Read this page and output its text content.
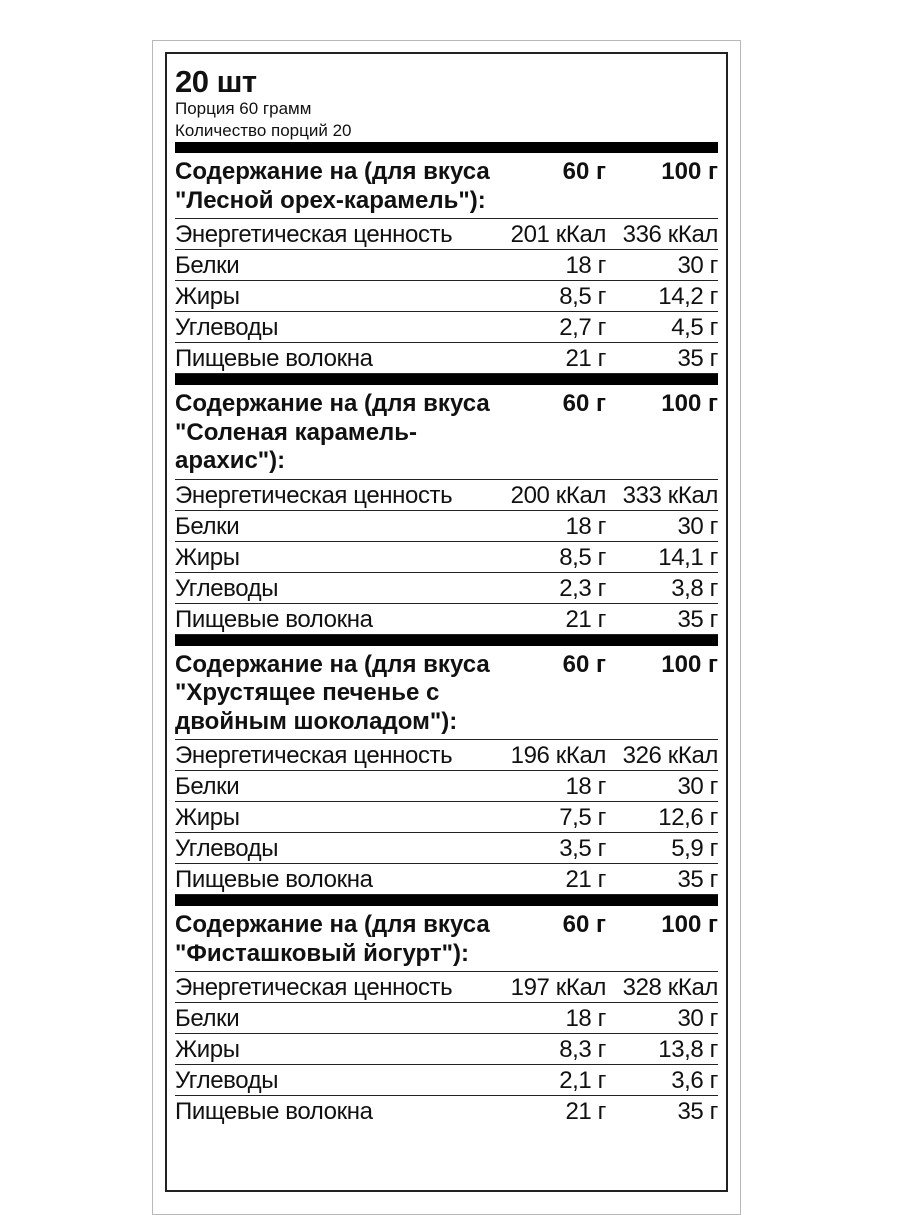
20 шт
Порция 60 грамм
Количество порций 20
Содержание на (для вкуса "Лесной орех-карамель"):
60 г	100 г
Энергетическая ценность	201 кКал 336 кКал
Белки	18 г	30 г
Жиры	8,5 г	14,2 г
Углеводы	2,7 г	4,5 г
Пищевые волокна	21 г	35 г
Содержание на (для вкуса "Соленая карамель-арахис"):
60 г	100 г
Энергетическая ценность	200 кКал 333 кКал
Белки	18 г	30 г
Жиры	8,5 г	14,1 г
Углеводы	2,3 г	3,8 г
Пищевые волокна	21 г	35 г
Содержание на (для вкуса "Хрустящее печенье с двойным шоколадом"):
60 г	100 г
Энергетическая ценность	196 кКал 326 кКал
Белки	18 г	30 г
Жиры	7,5 г	12,6 г
Углеводы	3,5 г	5,9 г
Пищевые волокна	21 г	35 г
Содержание на (для вкуса "Фисташковый йогурт"):
60 г	100 г
Энергетическая ценность	197 кКал 328 кКал
Белки	18 г	30 г
Жиры	8,3 г	13,8 г
Углеводы	2,1 г	3,6 г
Пищевые волокна	21 г	35 г
